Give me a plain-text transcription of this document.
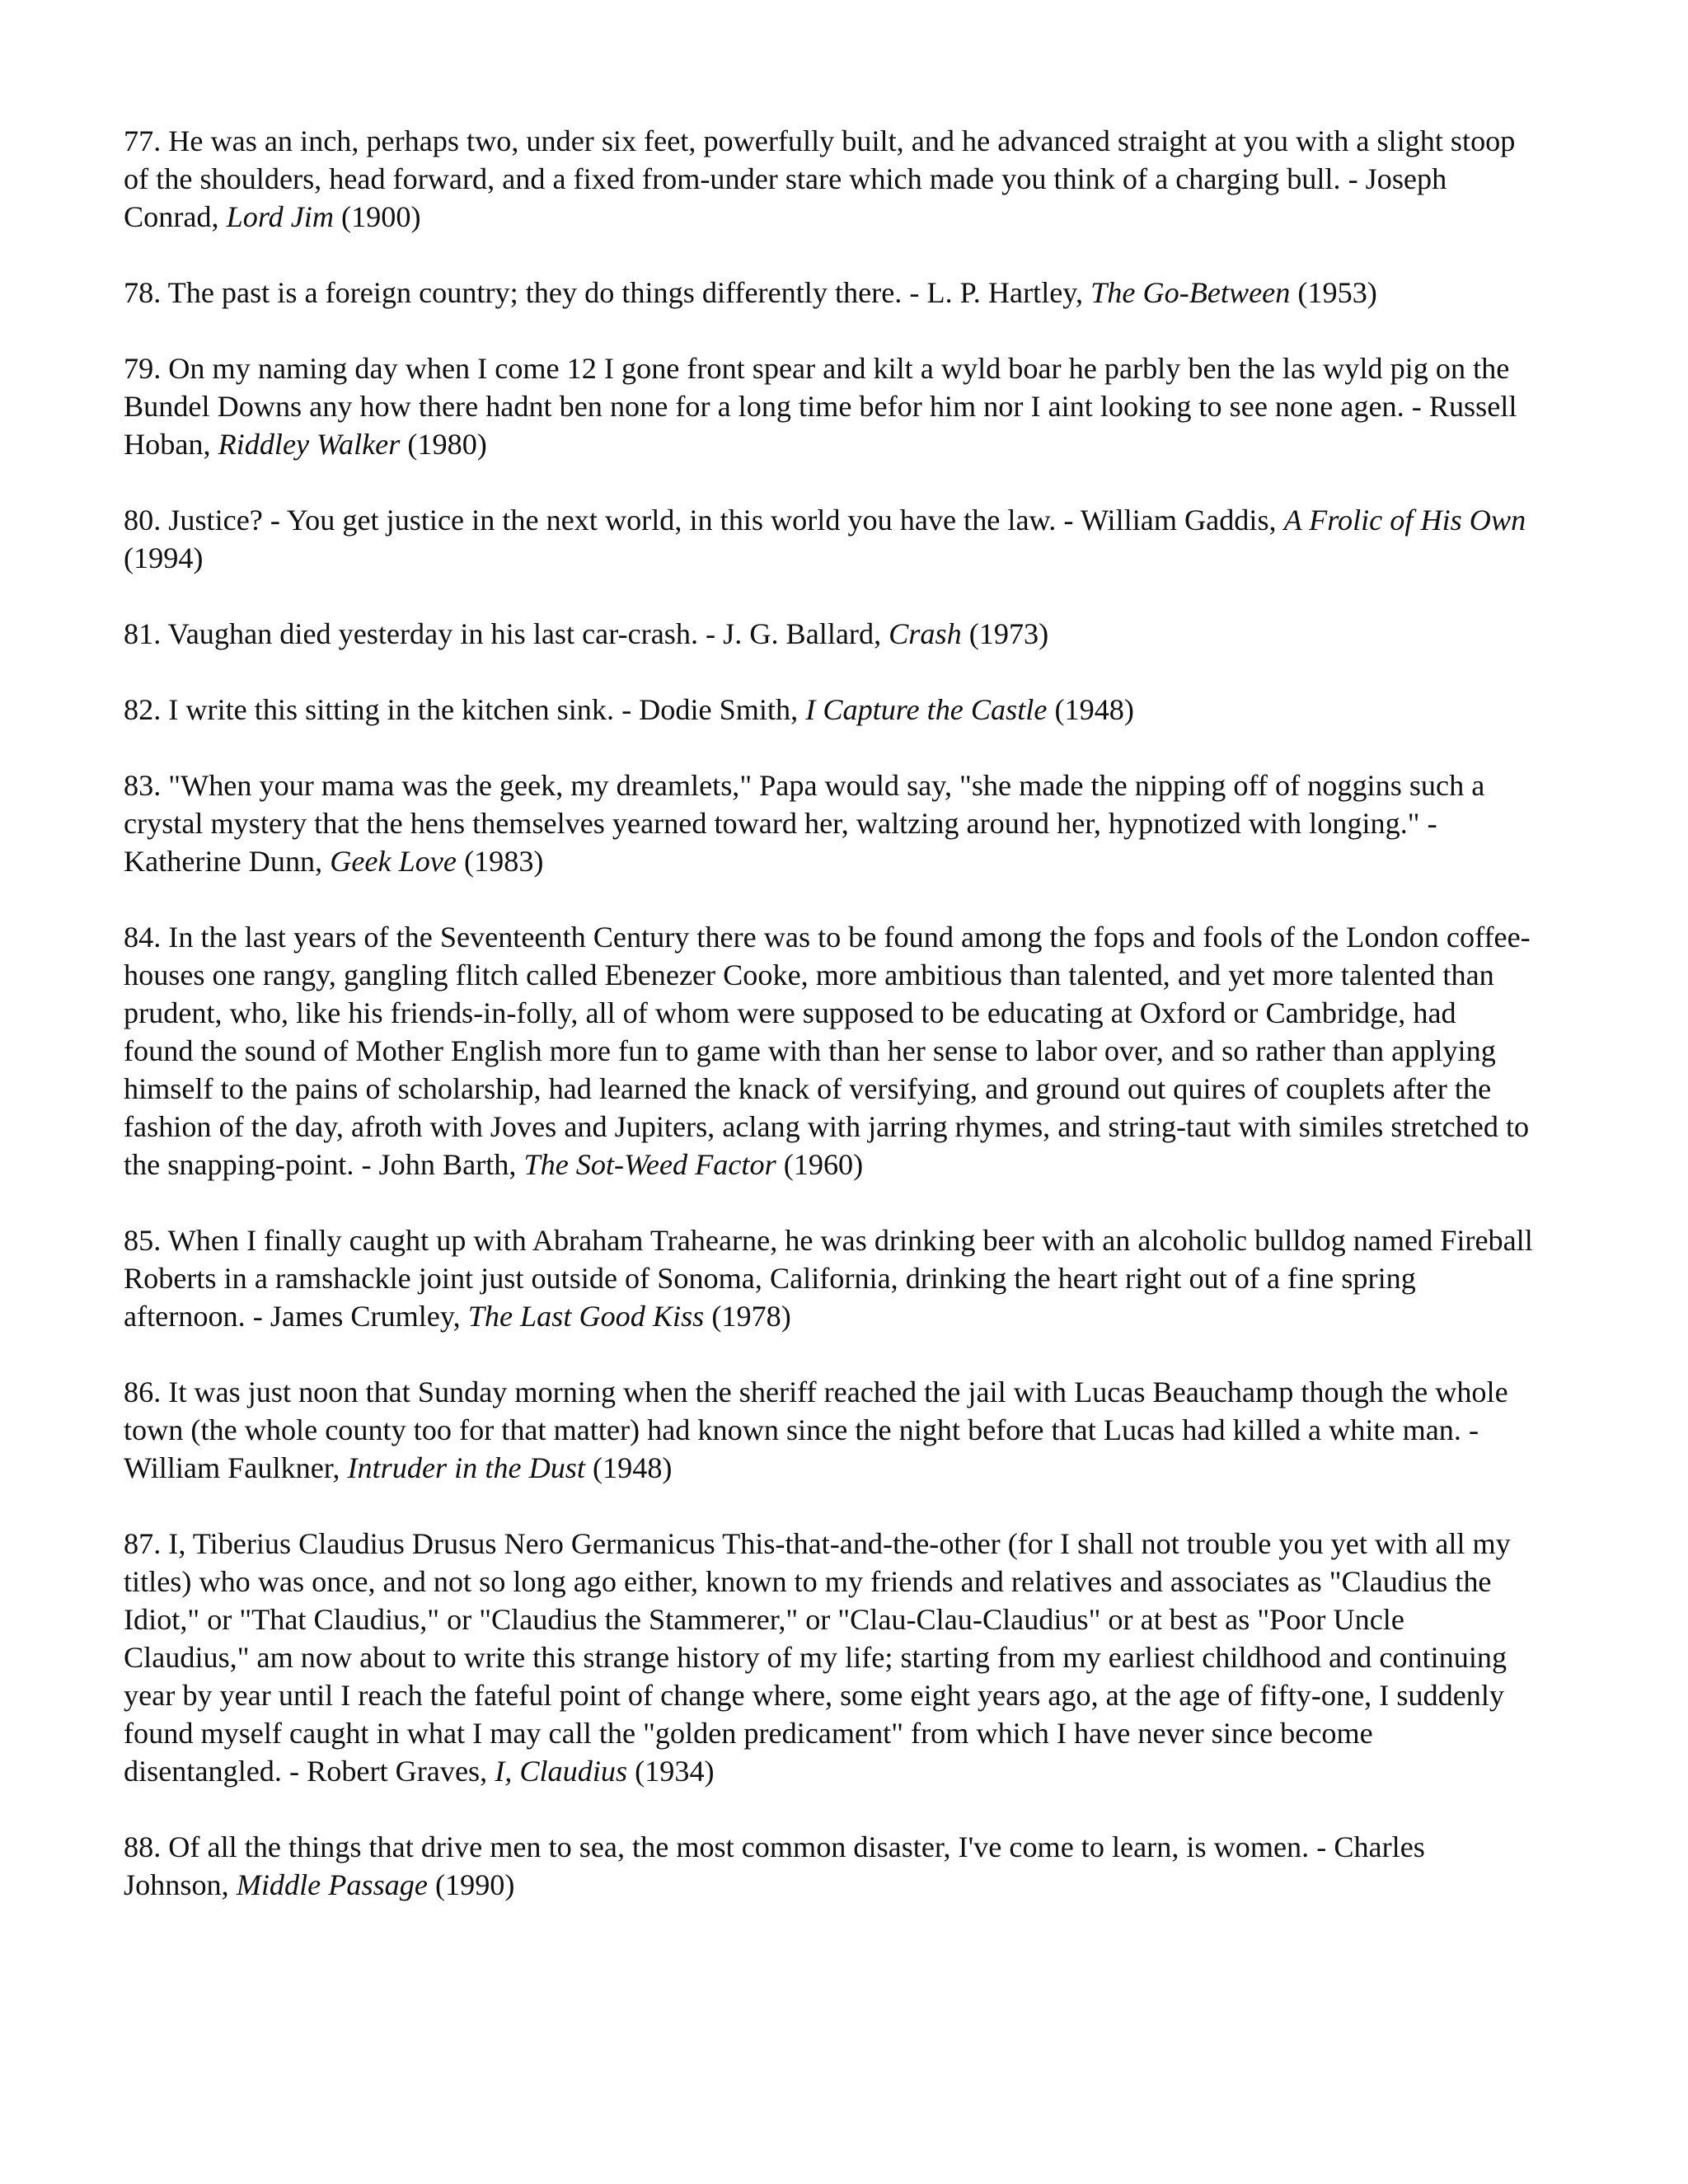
77. He was an inch, perhaps two, under six feet, powerfully built, and he advanced straight at you with a slight stoop of the shoulders, head forward, and a fixed from-under stare which made you think of a charging bull. - Joseph Conrad, Lord Jim (1900)

78. The past is a foreign country; they do things differently there. - L. P. Hartley, The Go-Between (1953)

79. On my naming day when I come 12 I gone front spear and kilt a wyld boar he parbly ben the las wyld pig on the Bundel Downs any how there hadnt ben none for a long time befor him nor I aint looking to see none agen. - Russell Hoban, Riddley Walker (1980)

80. Justice? - You get justice in the next world, in this world you have the law. - William Gaddis, A Frolic of His Own (1994)

81. Vaughan died yesterday in his last car-crash. - J. G. Ballard, Crash (1973)

82. I write this sitting in the kitchen sink. - Dodie Smith, I Capture the Castle (1948)

83. "When your mama was the geek, my dreamlets," Papa would say, "she made the nipping off of noggins such a crystal mystery that the hens themselves yearned toward her, waltzing around her, hypnotized with longing." - Katherine Dunn, Geek Love (1983)

84. In the last years of the Seventeenth Century there was to be found among the fops and fools of the London coffee-houses one rangy, gangling flitch called Ebenezer Cooke, more ambitious than talented, and yet more talented than prudent, who, like his friends-in-folly, all of whom were supposed to be educating at Oxford or Cambridge, had found the sound of Mother English more fun to game with than her sense to labor over, and so rather than applying himself to the pains of scholarship, had learned the knack of versifying, and ground out quires of couplets after the fashion of the day, afroth with Joves and Jupiters, aclang with jarring rhymes, and string-taut with similes stretched to the snapping-point. - John Barth, The Sot-Weed Factor (1960)

85. When I finally caught up with Abraham Trahearne, he was drinking beer with an alcoholic bulldog named Fireball Roberts in a ramshackle joint just outside of Sonoma, California, drinking the heart right out of a fine spring afternoon. - James Crumley, The Last Good Kiss (1978)

86. It was just noon that Sunday morning when the sheriff reached the jail with Lucas Beauchamp though the whole town (the whole county too for that matter) had known since the night before that Lucas had killed a white man. - William Faulkner, Intruder in the Dust (1948)

87. I, Tiberius Claudius Drusus Nero Germanicus This-that-and-the-other (for I shall not trouble you yet with all my titles) who was once, and not so long ago either, known to my friends and relatives and associates as "Claudius the Idiot," or "That Claudius," or "Claudius the Stammerer," or "Clau-Clau-Claudius" or at best as "Poor Uncle Claudius," am now about to write this strange history of my life; starting from my earliest childhood and continuing year by year until I reach the fateful point of change where, some eight years ago, at the age of fifty-one, I suddenly found myself caught in what I may call the "golden predicament" from which I have never since become disentangled. - Robert Graves, I, Claudius (1934)

88. Of all the things that drive men to sea, the most common disaster, I've come to learn, is women. - Charles Johnson, Middle Passage (1990)
